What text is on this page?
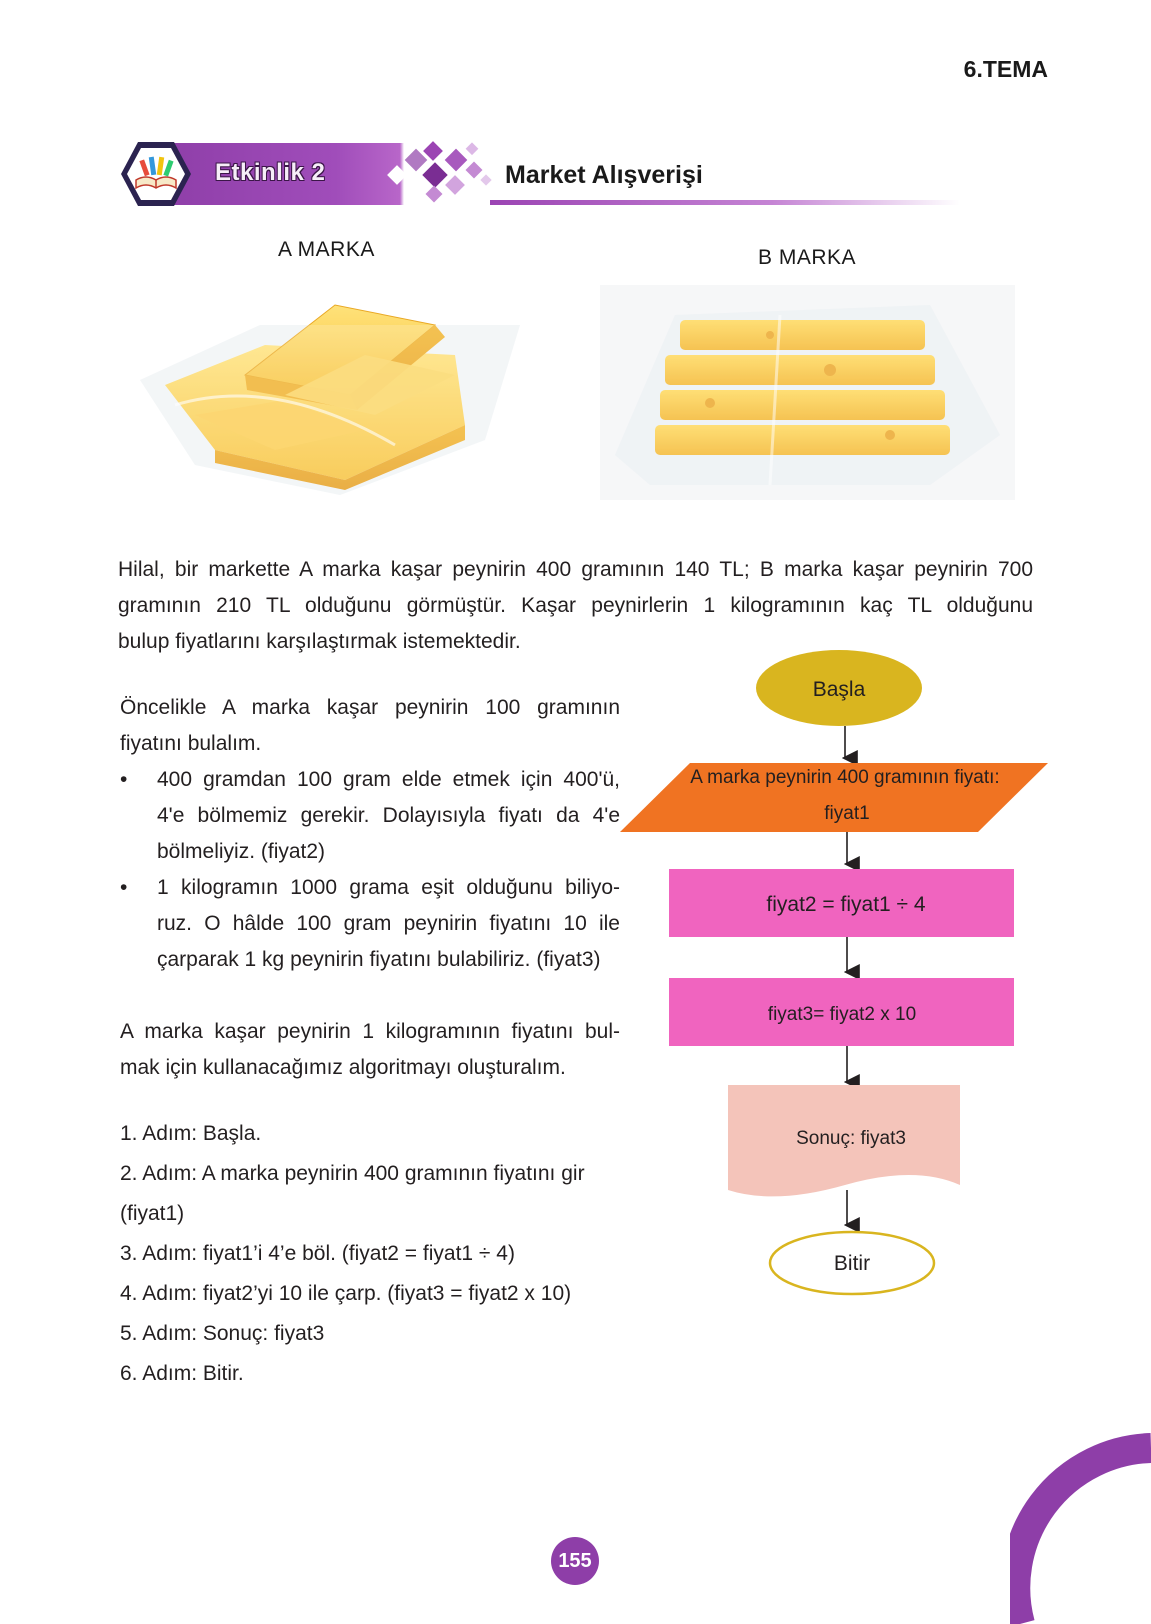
6.TEMA
Etkinlik 2	Market Alışverişi
A MARKA	B MARKA
Hilal, bir markette A marka kaşar peynirin 400 gramının 140 TL; B marka kaşar peynirin 700
gramının 210 TL olduğunu görmüştür. Kaşar peynirlerin 1 kilogramının kaç TL olduğunu
bulup fiyatlarını karşılaştırmak istemektedir.
Öncelikle A marka kaşar peynirin 100 gramının
fiyatını bulalım.
• 400 gramdan 100 gram elde etmek için 400'ü,
4'e bölmemiz gerekir. Dolayısıyla fiyatı da 4'e
bölmeliyiz. (fiyat2)
• 1 kilogramın 1000 grama eşit olduğunu biliyo-
ruz. O hâlde 100 gram peynirin fiyatını 10 ile
çarparak 1 kg peynirin fiyatını bulabiliriz. (fiyat3)
A marka kaşar peynirin 1 kilogramının fiyatını bul-
mak için kullanacağımız algoritmayı oluşturalım.
1. Adım: Başla.
2. Adım: A marka peynirin 400 gramının fiyatını gir
(fiyat1)
3. Adım: fiyat1’i 4’e böl. (fiyat2 = fiyat1 ÷ 4)
4. Adım: fiyat2’yi 10 ile çarp. (fiyat3 = fiyat2 x 10)
5. Adım: Sonuç: fiyat3
6. Adım: Bitir.
Başla
A marka peynirin 400 gramının fiyatı:
fiyat1
fiyat2 = fiyat1 ÷ 4
fiyat3= fiyat2 x 10
Sonuç: fiyat3
Bitir
155
